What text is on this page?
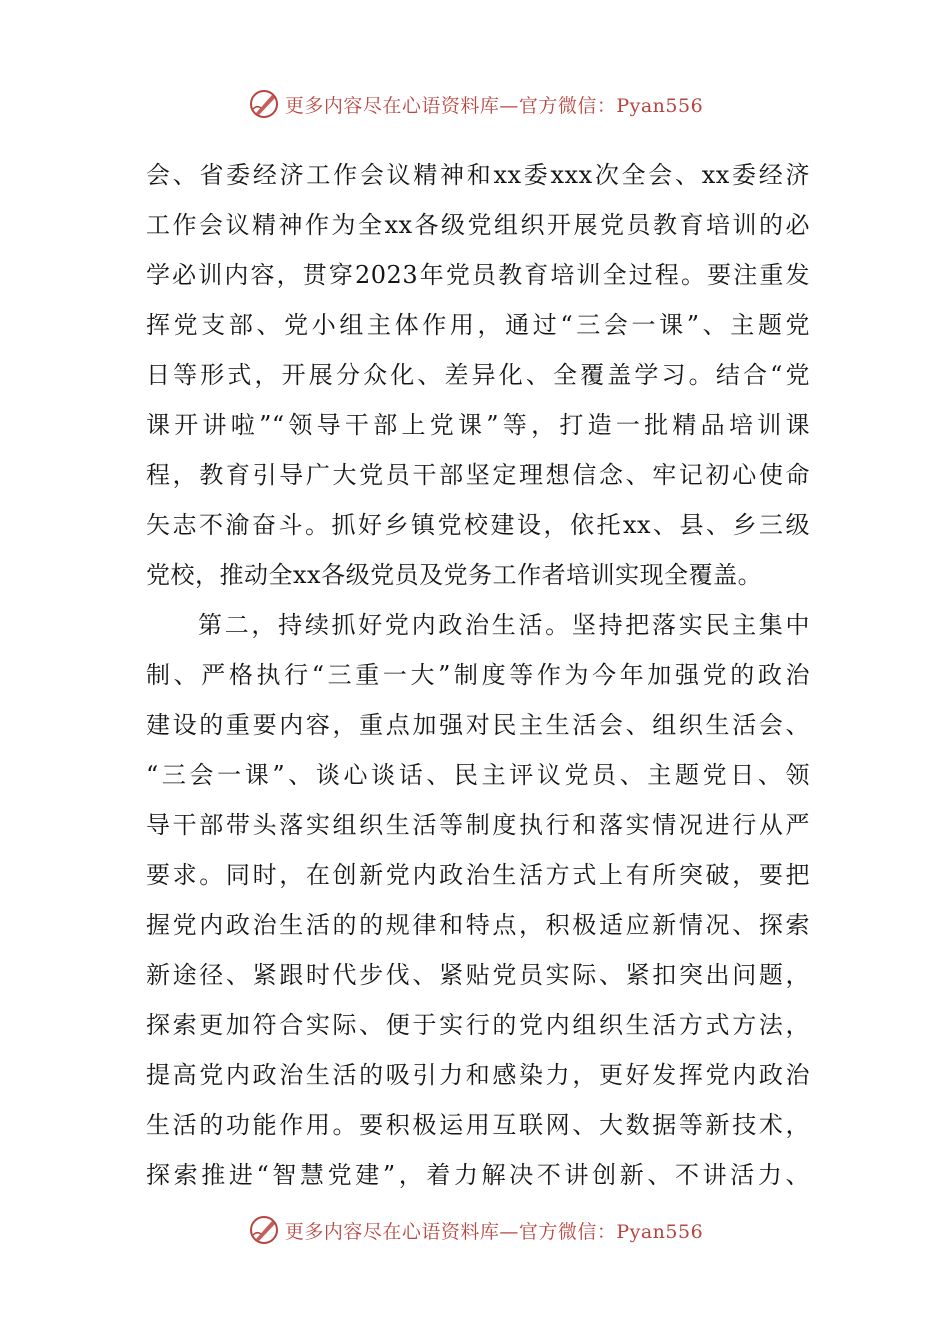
更多内容尽在心语资料库—官方微信：Pyan556
会、省委经济工作会议精神和xx委xxx次全会、xx委经济
工作会议精神作为全xx各级党组织开展党员教育培训的必
学必训内容，贯穿2023年党员教育培训全过程。要注重发
挥党支部、党小组主体作用，通过“三会一课”、主题党
日等形式，开展分众化、差异化、全覆盖学习。结合“党
课开讲啦”“领导干部上党课”等，打造一批精品培训课
程，教育引导广大党员干部坚定理想信念、牢记初心使命
矢志不渝奋斗。抓好乡镇党校建设，依托xx、县、乡三级
党校，推动全xx各级党员及党务工作者培训实现全覆盖。
第二，持续抓好党内政治生活。坚持把落实民主集中
制、严格执行“三重一大”制度等作为今年加强党的政治
建设的重要内容，重点加强对民主生活会、组织生活会、
“三会一课”、谈心谈话、民主评议党员、主题党日、领
导干部带头落实组织生活等制度执行和落实情况进行从严
要求。同时，在创新党内政治生活方式上有所突破，要把
握党内政治生活的的规律和特点，积极适应新情况、探索
新途径、紧跟时代步伐、紧贴党员实际、紧扣突出问题，
探索更加符合实际、便于实行的党内组织生活方式方法，
提高党内政治生活的吸引力和感染力，更好发挥党内政治
生活的功能作用。要积极运用互联网、大数据等新技术，
探索推进“智慧党建”，着力解决不讲创新、不讲活力、
更多内容尽在心语资料库—官方微信：Pyan556
